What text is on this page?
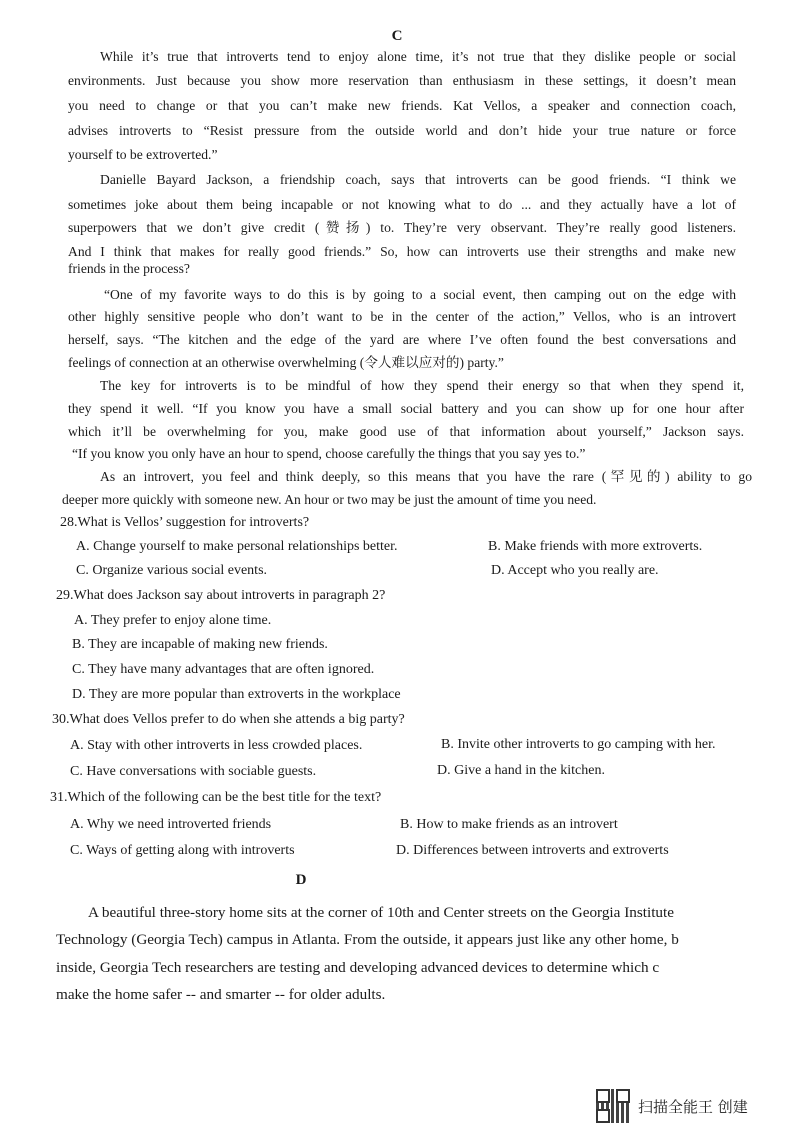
C
While it’s true that introverts tend to enjoy alone time, it’s not true that they dislike people or social
environments. Just because you show more reservation than enthusiasm in these settings, it doesn’t mean
you need to change or that you can’t make new friends. Kat Vellos, a speaker and connection coach,
advises introverts to “Resist pressure from the outside world and don’t hide your true nature or force
yourself to be extroverted.”
Danielle Bayard Jackson, a friendship coach, says that introverts can be good friends. “I think we
sometimes joke about them being incapable or not knowing what to do ... and they actually have a lot of
superpowers that we don’t give credit (赞扬) to. They’re very observant. They’re really good listeners.
And I think that makes for really good friends.” So, how can introverts use their strengths and make new
friends in the process?
“One of my favorite ways to do this is by going to a social event, then camping out on the edge with
other highly sensitive people who don’t want to be in the center of the action,” Vellos, who is an introvert
herself, says. “The kitchen and the edge of the yard are where I’ve often found the best conversations and
feelings of connection at an otherwise overwhelming (令人难以应对的) party.”
The key for introverts is to be mindful of how they spend their energy so that when they spend it,
they spend it well. “If you know you have a small social battery and you can show up for one hour after
which it’ll be overwhelming for you, make good use of that information about yourself,” Jackson says.
“If you know you only have an hour to spend, choose carefully the things that you say yes to.”
As an introvert, you feel and think deeply, so this means that you have the rare (罕见的) ability to go
deeper more quickly with someone new. An hour or two may be just the amount of time you need.
28.What is Vellos’ suggestion for introverts?
A. Change yourself to make personal relationships better.	B. Make friends with more extroverts.
C. Organize various social events.	D. Accept who you really are.
29.What does Jackson say about introverts in paragraph 2?
A. They prefer to enjoy alone time.
B. They are incapable of making new friends.
C. They have many advantages that are often ignored.
D. They are more popular than extroverts in the workplace
30.What does Vellos prefer to do when she attends a big party?
A. Stay with other introverts in less crowded places.	B. Invite other introverts to go camping with her.
C. Have conversations with sociable guests.	D. Give a hand in the kitchen.
31.Which of the following can be the best title for the text?
A. Why we need introverted friends	B. How to make friends as an introvert
C. Ways of getting along with introverts	D. Differences between introverts and extroverts
D
A beautiful three-story home sits at the corner of 10th and Center streets on the Georgia Institute
Technology (Georgia Tech) campus in Atlanta. From the outside, it appears just like any other home, b
inside, Georgia Tech researchers are testing and developing advanced devices to determine which c
make the home safer -- and smarter -- for older adults.
扫描全能王 创建
